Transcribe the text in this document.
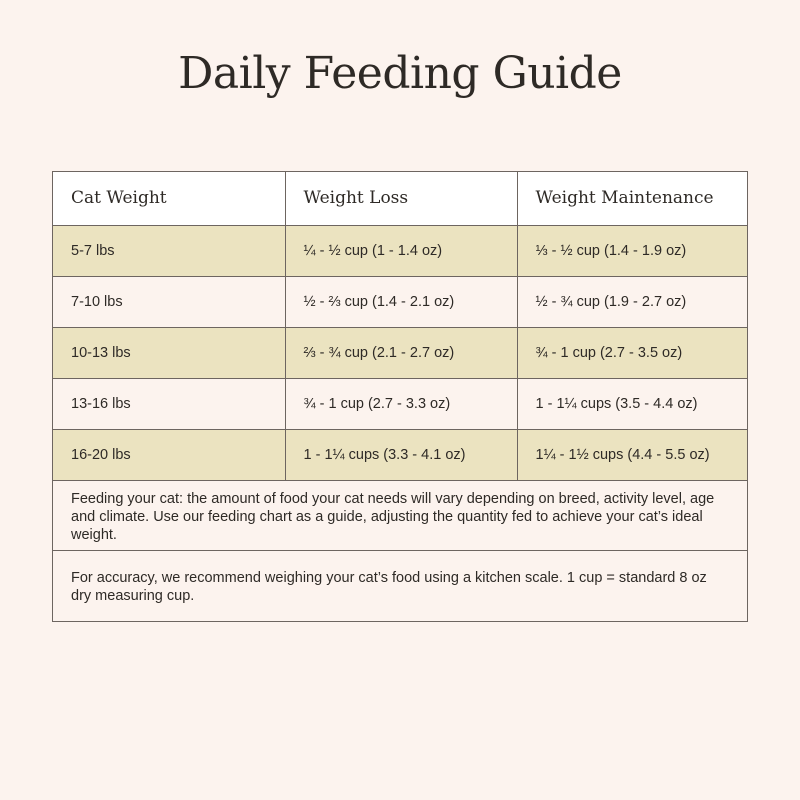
Daily Feeding Guide
Cat Weight	Weight Loss	Weight Maintenance
5-7 lbs	¼ - ½ cup (1 - 1.4 oz)	⅓ - ½ cup (1.4 - 1.9 oz)
7-10 lbs	½ - ⅔ cup (1.4 - 2.1 oz)	½ - ¾ cup (1.9 - 2.7 oz)
10-13 lbs	⅔ - ¾ cup (2.1 - 2.7 oz)	¾ - 1 cup (2.7 - 3.5 oz)
13-16 lbs	¾ - 1 cup (2.7 - 3.3 oz)	1 - 1¼ cups (3.5 - 4.4 oz)
16-20 lbs	1 - 1¼ cups (3.3 - 4.1 oz)	1¼ - 1½ cups (4.4 - 5.5 oz)
Feeding your cat: the amount of food your cat needs will vary depending on breed, activity level, age and climate. Use our feeding chart as a guide, adjusting the quantity fed to achieve your cat’s ideal weight.
For accuracy, we recommend weighing your cat’s food using a kitchen scale. 1 cup = standard 8 oz dry measuring cup.
